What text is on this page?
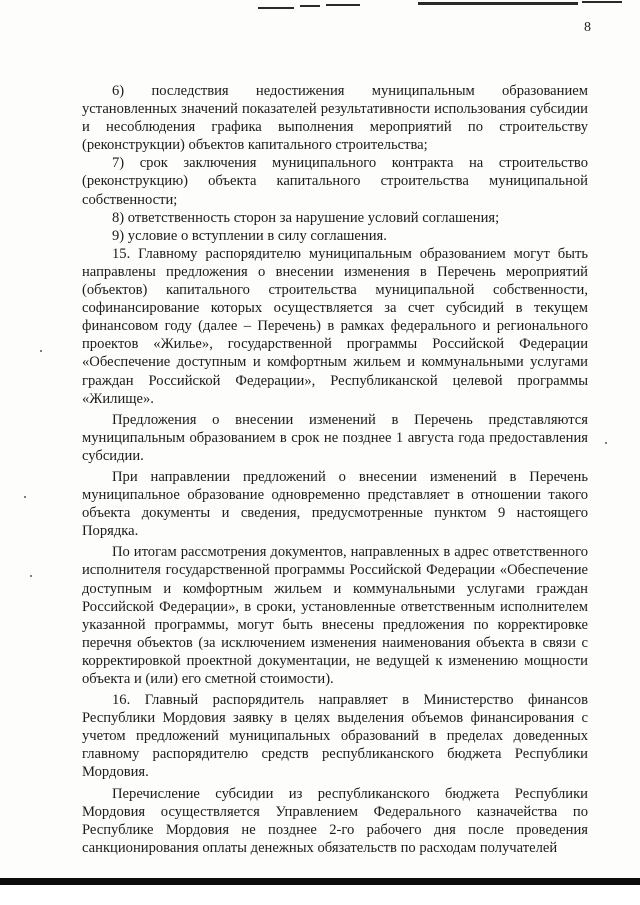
8

6) последствия недостижения муниципальным образованием установленных значений показателей результативности использования субсидии и несоблюдения графика выполнения мероприятий по строительству (реконструкции) объектов капитального строительства;

7) срок заключения муниципального контракта на строительство (реконструкцию) объекта капитального строительства муниципальной собственности;

8) ответственность сторон за нарушение условий соглашения;

9) условие о вступлении в силу соглашения.

15. Главному распорядителю муниципальным образованием могут быть направлены предложения о внесении изменения в Перечень мероприятий (объектов) капитального строительства муниципальной собственности, софинансирование которых осуществляется за счет субсидий в текущем финансовом году (далее – Перечень) в рамках федерального и регионального проектов «Жилье», государственной программы Российской Федерации «Обеспечение доступным и комфортным жильем и коммунальными услугами граждан Российской Федерации», Республиканской целевой программы «Жилище».

Предложения о внесении изменений в Перечень представляются муниципальным образованием в срок не позднее 1 августа года предоставления субсидии.

При направлении предложений о внесении изменений в Перечень муниципальное образование одновременно представляет в отношении такого объекта документы и сведения, предусмотренные пунктом 9 настоящего Порядка.

По итогам рассмотрения документов, направленных в адрес ответственного исполнителя государственной программы Российской Федерации «Обеспечение доступным и комфортным жильем и коммунальными услугами граждан Российской Федерации», в сроки, установленные ответственным исполнителем указанной программы, могут быть внесены предложения по корректировке перечня объектов (за исключением изменения наименования объекта в связи с корректировкой проектной документации, не ведущей к изменению мощности объекта и (или) его сметной стоимости).

16. Главный распорядитель направляет в Министерство финансов Республики Мордовия заявку в целях выделения объемов финансирования с учетом предложений муниципальных образований в пределах доведенных главному распорядителю средств республиканского бюджета Республики Мордовия.

Перечисление субсидии из республиканского бюджета Республики Мордовия осуществляется Управлением Федерального казначейства по Республике Мордовия не позднее 2-го рабочего дня после проведения санкционирования оплаты денежных обязательств по расходам получателей
